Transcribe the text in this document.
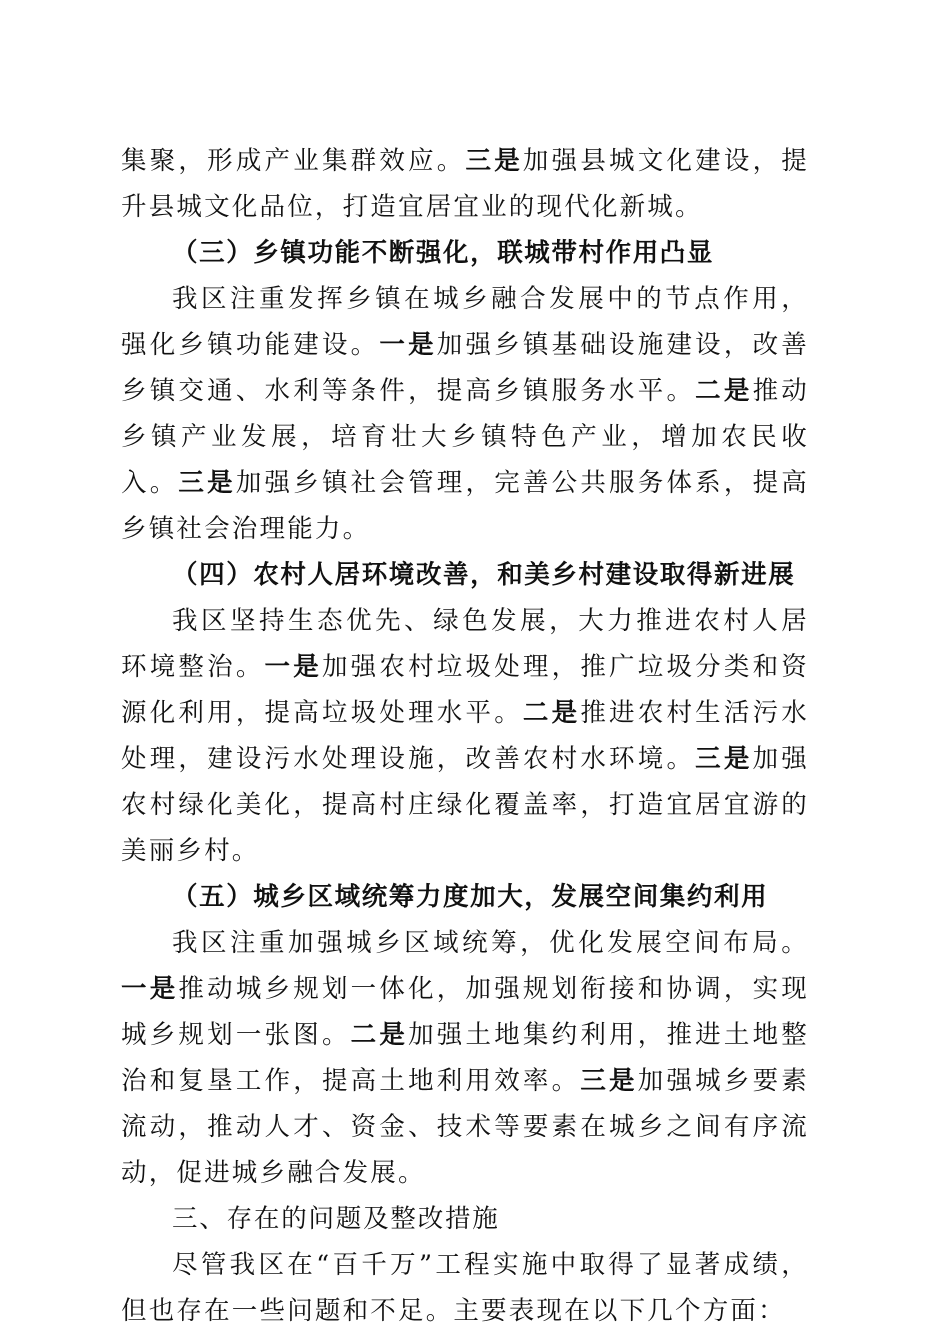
集聚，形成产业集群效应。三是加强县城文化建设，提升县城文化品位，打造宜居宜业的现代化新城。

（三）乡镇功能不断强化，联城带村作用凸显

我区注重发挥乡镇在城乡融合发展中的节点作用，强化乡镇功能建设。一是加强乡镇基础设施建设，改善乡镇交通、水利等条件，提高乡镇服务水平。二是推动乡镇产业发展，培育壮大乡镇特色产业，增加农民收入。三是加强乡镇社会管理，完善公共服务体系，提高乡镇社会治理能力。

（四）农村人居环境改善，和美乡村建设取得新进展

我区坚持生态优先、绿色发展，大力推进农村人居环境整治。一是加强农村垃圾处理，推广垃圾分类和资源化利用，提高垃圾处理水平。二是推进农村生活污水处理，建设污水处理设施，改善农村水环境。三是加强农村绿化美化，提高村庄绿化覆盖率，打造宜居宜游的美丽乡村。

（五）城乡区域统筹力度加大，发展空间集约利用

我区注重加强城乡区域统筹，优化发展空间布局。一是推动城乡规划一体化，加强规划衔接和协调，实现城乡规划一张图。二是加强土地集约利用，推进土地整治和复垦工作，提高土地利用效率。三是加强城乡要素流动，推动人才、资金、技术等要素在城乡之间有序流动，促进城乡融合发展。

三、存在的问题及整改措施

尽管我区在“百千万”工程实施中取得了显著成绩，但也存在一些问题和不足。主要表现在以下几个方面：
